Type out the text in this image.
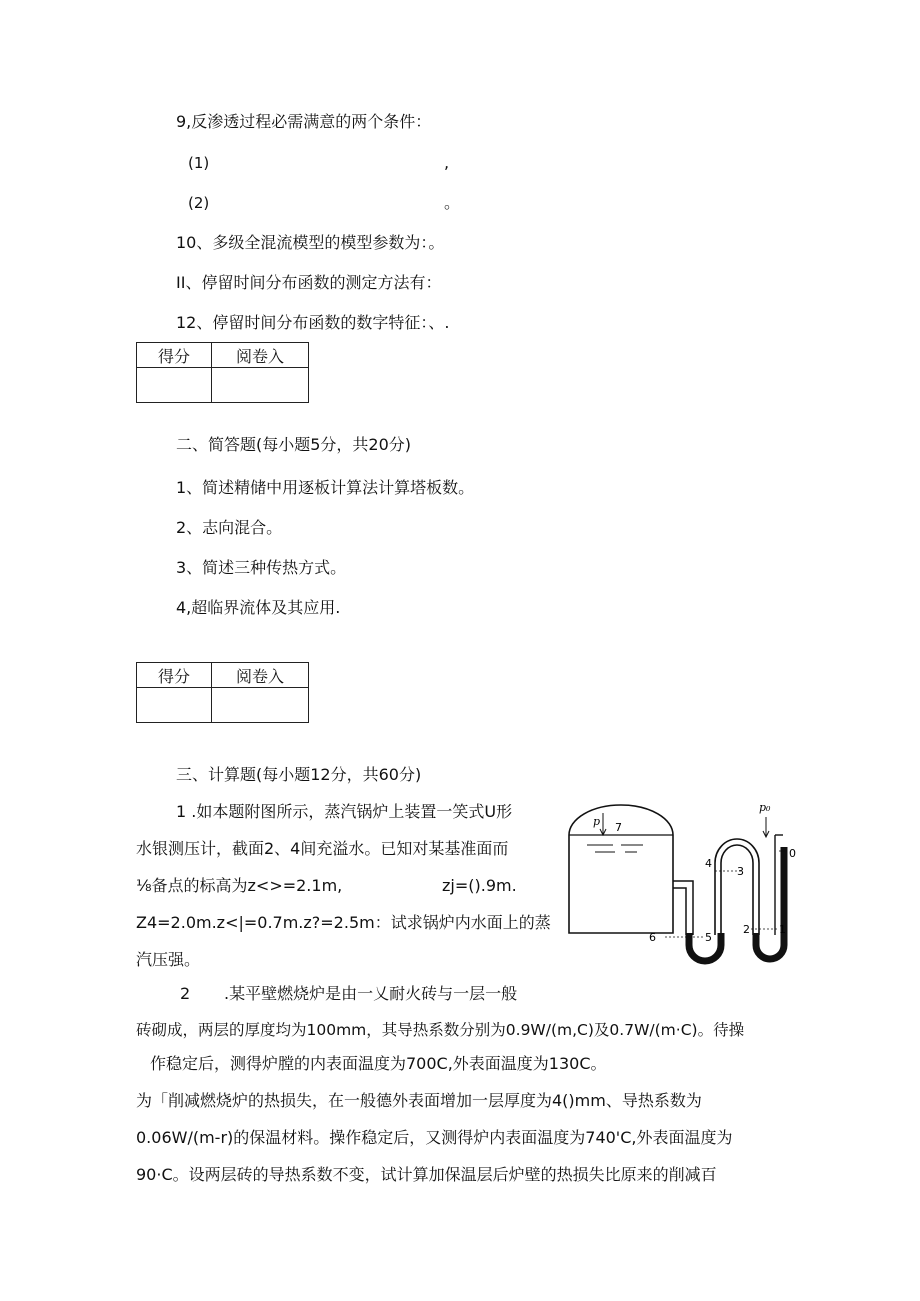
9,反渗透过程必需满意的两个条件：
(1)	,
(2)	。
10、多级全混流模型的模型参数为：。
II、停留时间分布函数的测定方法有：
12、停留时间分布函数的数字特征：、.
得分	阅卷入

二、简答题(每小题5分，共20分)
1、简述精储中用逐板计算法计算塔板数。
2、志向混合。
3、简述三种传热方式。
4,超临界流体及其应用.
得分	阅卷入

三、计算题(每小题12分，共60分)
1 .如本题附图所示，蒸汽锅炉上装置一笑式U形
水银测压计，截面2、4间充溢水。已知对某基准面而
⅛备点的标高为z<>=2.1m,	zj=().9m.
Z4=2.0m.z<|=0.7m.z?=2.5m：试求锅炉内水面上的蒸
汽压强。
2 .某平壁燃烧炉是由一乂耐火砖与一层一般
砖砌成，两层的厚度均为100mm，其导热系数分别为0.9W/(m,C)及0.7W/(m·C)。待操
作稳定后，测得炉膛的内表面温度为700C,外表面温度为130C。
为「削减燃烧炉的热损失，在一般德外表面增加一层厚度为4()mm、导热系数为
0.06W/(m-r)的保温材料。操作稳定后，又测得炉内表面温度为740'C,外表面温度为
90·C。设两层砖的导热系数不变，试计算加保温层后炉壁的热损失比原来的削减百
p 7
p₀
0
4
3
2	1
6	5
